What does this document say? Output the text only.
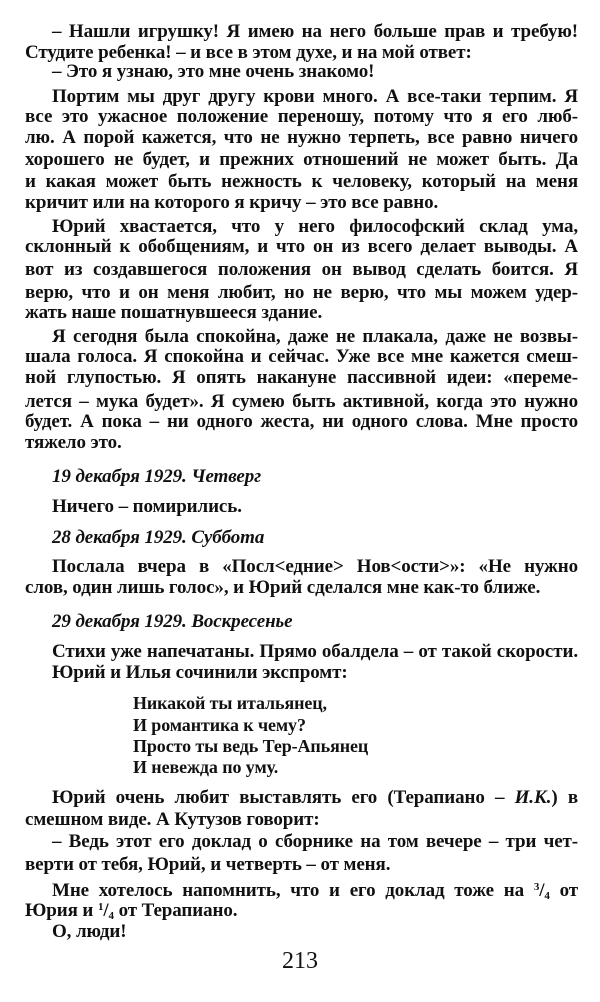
– Нашли игрушку! Я имею на него больше прав и требую!
Студите ребенка! – и все в этом духе, и на мой ответ:
– Это я узнаю, это мне очень знакомо!
Портим мы друг другу крови много. А все-таки терпим. Я
все это ужасное положение переношу, потому что я его люб-
лю. А порой кажется, что не нужно терпеть, все равно ничего
хорошего не будет, и прежних отношений не может быть. Да
и какая может быть нежность к человеку, который на меня
кричит или на которого я кричу – это все равно.
Юрий хвастается, что у него философский склад ума,
склонный к обобщениям, и что он из всего делает выводы. А
вот из создавшегося положения он вывод сделать боится. Я
верю, что и он меня любит, но не верю, что мы можем удер-
жать наше пошатнувшееся здание.
Я сегодня была спокойна, даже не плакала, даже не возвы-
шала голоса. Я спокойна и сейчас. Уже все мне кажется смеш-
ной глупостью. Я опять накануне пассивной идеи: «переме-
лется – мука будет». Я сумею быть активной, когда это нужно
будет. А пока – ни одного жеста, ни одного слова. Мне просто
тяжело это.
19 декабря 1929. Четверг
Ничего – помирились.
28 декабря 1929. Суббота
Послала вчера в «Посл<едние> Нов<ости>»: «Не нужно
слов, один лишь голос», и Юрий сделался мне как-то ближе.
29 декабря 1929. Воскресенье
Стихи уже напечатаны. Прямо обалдела – от такой скорости.
Юрий и Илья сочинили экспромт:
Никакой ты итальянец,
И романтика к чему?
Просто ты ведь Тер-Апьянец
И невежда по уму.
Юрий очень любит выставлять его (Терапиано – И.К.) в
смешном виде. А Кутузов говорит:
– Ведь этот его доклад о сборнике на том вечере – три чет-
верти от тебя, Юрий, и четверть – от меня.
Мне хотелось напомнить, что и его доклад тоже на $^3/_4$ от
Юрия и $^1/_4$ от Терапиано.
О, люди!
213
